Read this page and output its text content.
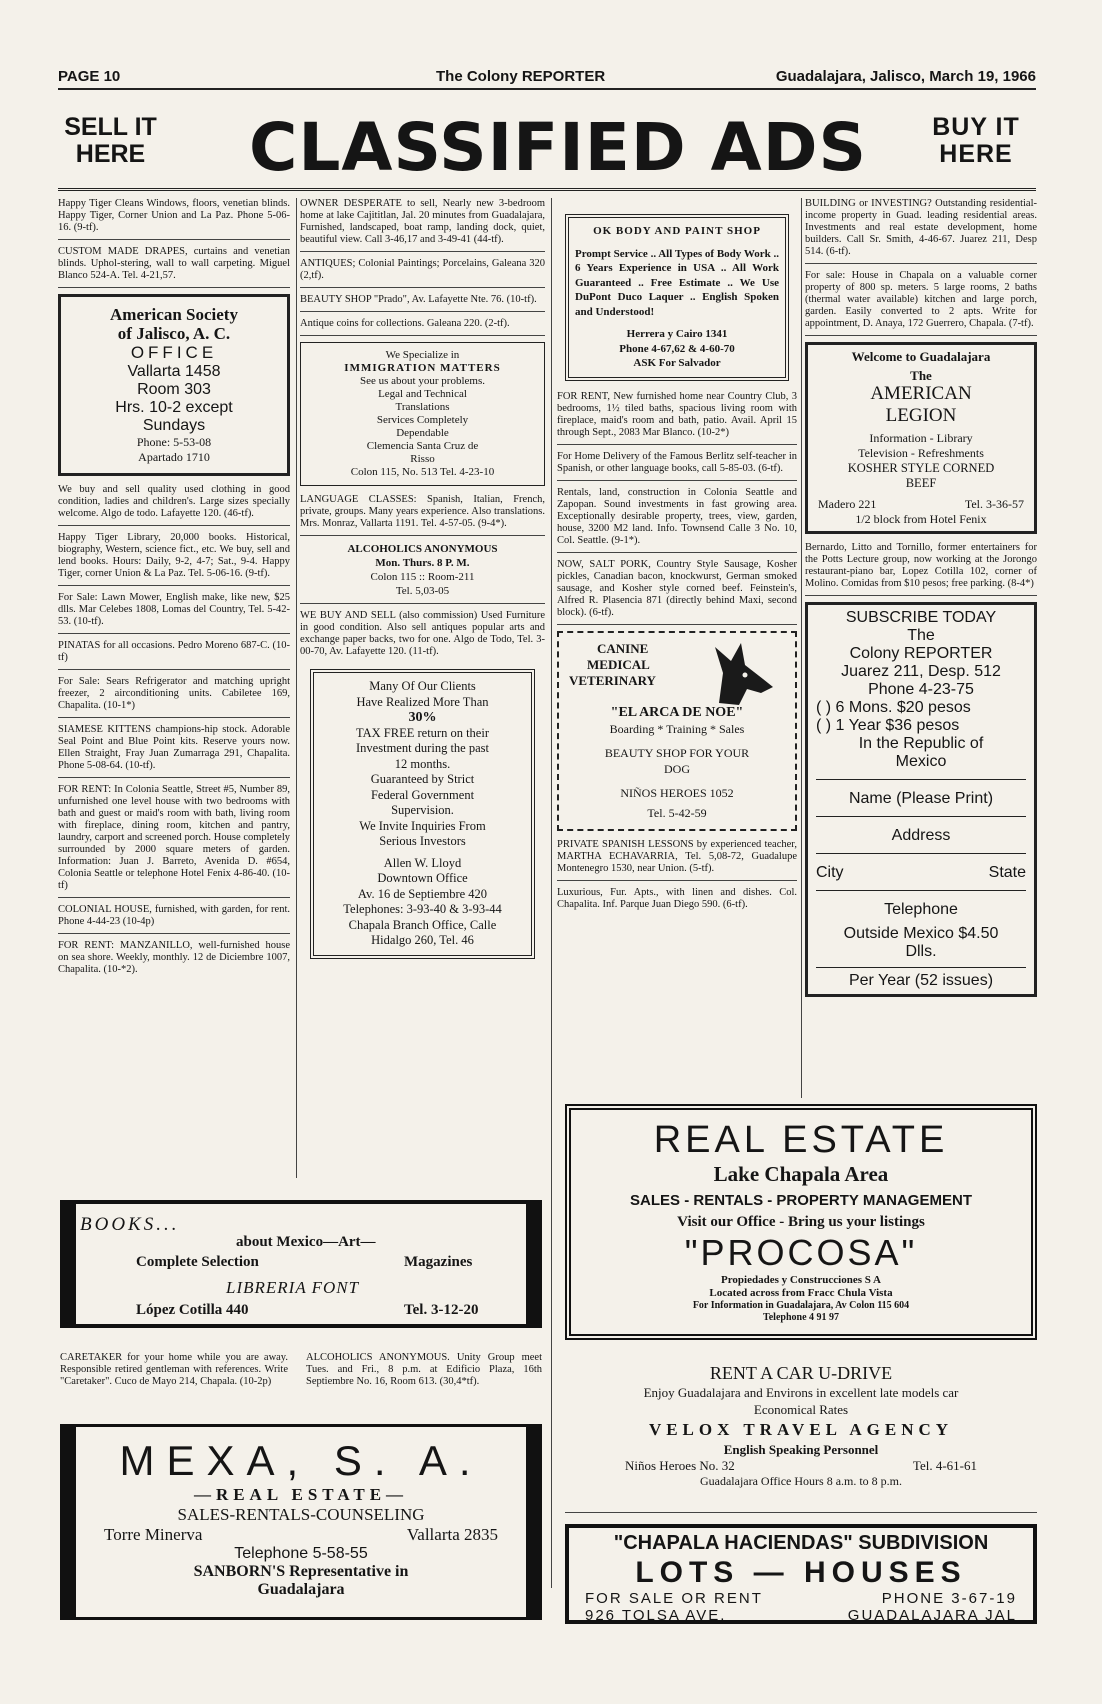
PAGE 10	The Colony REPORTER	Guadalajara, Jalisco, March 19, 1966
SELL IT
HERE CLASSIFIED ADS	BUY IT
HERE

Happy Tiger Cleans Windows, floors, venetian blinds. Happy Tiger, Corner Union and La Paz. Phone 5-06-16. (9-tf).

CUSTOM MADE DRAPES, curtains and venetian blinds. Uphol-stering, wall to wall carpeting. Miguel Blanco 524-A. Tel. 4-21,57.

American Society
of Jalisco, A. C.
OFFICE
Vallarta 1458
Room 303
Hrs. 10-2 except
Sundays
Phone: 5-53-08
Apartado 1710

We buy and sell quality used clothing in good condition, ladies and children's. Large sizes specially welcome. Algo de todo. Lafayette 120. (46-tf).

Happy Tiger Library, 20,000 books. Historical, biography, Western, science fict., etc. We buy, sell and lend books. Hours: Daily, 9-2, 4-7; Sat., 9-4. Happy Tiger, corner Union & La Paz. Tel. 5-06-16. (9-tf).

For Sale: Lawn Mower, English make, like new, $25 dlls. Mar Celebes 1808, Lomas del Country, Tel. 5-42-53. (10-tf).

PINATAS for all occasions. Pedro Moreno 687-C. (10-tf)

For Sale: Sears Refrigerator and matching upright freezer, 2 airconditioning units. Cabiletee 169, Chapalita. (10-1*)

SIAMESE KITTENS champions-hip stock. Adorable Seal Point and Blue Point kits. Reserve yours now. Ellen Straight, Fray Juan Zumarraga 291, Chapalita. Phone 5-08-64. (10-tf).

FOR RENT: In Colonia Seattle, Street #5, Number 89, unfurnished one level house with two bedrooms with bath and guest or maid's room with bath, living room with fireplace, dining room, kitchen and pantry, laundry, carport and screened porch. House completely surrounded by 2000 square meters of garden. Information: Juan J. Barreto, Avenida D. #654, Colonia Seattle or telephone Hotel Fenix 4-86-40. (10-tf)

COLONIAL HOUSE, furnished, with garden, for rent. Phone 4-44-23 (10-4p)

FOR RENT: MANZANILLO, well-furnished house on sea shore. Weekly, monthly. 12 de Diciembre 1007, Chapalita. (10-*2).

OWNER DESPERATE to sell, Nearly new 3-bedroom home at lake Cajititlan, Jal. 20 minutes from Guadalajara, Furnished, landscaped, boat ramp, landing dock, quiet, beautiful view. Call 3-46,17 and 3-49-41 (44-tf).

ANTIQUES; Colonial Paintings; Porcelains, Galeana 320 (2,tf).

BEAUTY SHOP "Prado", Av. Lafayette Nte. 76. (10-tf).

Antique coins for collections. Galeana 220. (2-tf).

We Specialize in
IMMIGRATION MATTERS
See us about your problems.
Legal and Technical
Translations
Services Completely
Dependable
Clemencia Santa Cruz de
Risso
Colon 115, No. 513 Tel. 4-23-10

LANGUAGE CLASSES: Spanish, Italian, French, private, groups. Many years experience. Also translations. Mrs. Monraz, Vallarta 1191. Tel. 4-57-05. (9-4*).

ALCOHOLICS ANONYMOUS
Mon. Thurs. 8 P. M.
Colon 115 :: Room-211
Tel. 5,03-05

WE BUY AND SELL (also commission) Used Furniture in good condition. Also sell antiques popular arts and exchange paper backs, two for one. Algo de Todo, Tel. 3-00-70, Av. Lafayette 120. (11-tf).

Many Of Our Clients
Have Realized More Than
30%
TAX FREE return on their
Investment during the past
12 months.
Guaranteed by Strict
Federal Government
Supervision.
We Invite Inquiries From
Serious Investors
Allen W. Lloyd
Downtown Office
Av. 16 de Septiembre 420
Telephones: 3-93-40 & 3-93-44
Chapala Branch Office, Calle
Hidalgo 260, Tel. 46
OK BODY AND PAINT SHOP
Prompt Service .. All Types of Body Work .. 6 Years Experience in USA .. All Work Guaranteed .. Free Estimate .. We Use DuPont Duco Laquer .. English Spoken and Understood!
Herrera y Cairo 1341
Phone 4-67,62 & 4-60-70
ASK For Salvador

FOR RENT, New furnished home near Country Club, 3 bedrooms, 1½ tiled baths, spacious living room with fireplace, maid's room and bath, patio. Avail. April 15 through Sept., 2083 Mar Blanco. (10-2*)

For Home Delivery of the Famous Berlitz self-teacher in Spanish, or other language books, call 5-85-03. (6-tf).

Rentals, land, construction in Colonia Seattle and Zapopan. Sound investments in fast growing area. Exceptionally desirable property, trees, view, garden, house, 3200 M2 land. Info. Townsend Calle 3 No. 10, Col. Seattle. (9-1*).

NOW, SALT PORK, Country Style Sausage, Kosher pickles, Canadian bacon, knockwurst, German smoked sausage, and Kosher style corned beef. Feinstein's, Alfred R. Plasencia 871 (directly behind Maxi, second block). (6-tf).

CANINE
MEDICAL
VETERINARY
"EL ARCA DE NOE"
Boarding * Training * Sales
BEAUTY SHOP FOR YOUR
DOG
NIÑOS HEROES 1052
Tel. 5-42-59

PRIVATE SPANISH LESSONS by experienced teacher, MARTHA ECHAVARRIA, Tel. 5,08-72, Guadalupe Montenegro 1530, near Union. (5-tf).

Luxurious, Fur. Apts., with linen and dishes. Col. Chapalita. Inf. Parque Juan Diego 590. (6-tf).

BUILDING or INVESTING? Outstanding residential-income property in Guad. leading residential areas. Investments and real estate development, home builders. Call Sr. Smith, 4-46-67. Juarez 211, Desp 514. (6-tf).

For sale: House in Chapala on a valuable corner property of 800 sp. meters. 5 large rooms, 2 baths (thermal water available) kitchen and large porch, garden. Easily converted to 2 apts. Write for appointment, D. Anaya, 172 Guerrero, Chapala. (7-tf).

Welcome to Guadalajara
The
AMERICAN
LEGION
Information - Library
Television - Refreshments
KOSHER STYLE CORNED
BEEF
Madero 221	Tel. 3-36-57
1/2 block from Hotel Fenix

Bernardo, Litto and Tornillo, former entertainers for the Potts Lecture group, now working at the Jorongo restaurant-piano bar, Lopez Cotilla 102, corner of Molino. Comidas from $10 pesos; free parking. (8-4*)

SUBSCRIBE TODAY
The
Colony REPORTER
Juarez 211, Desp. 512
Phone 4-23-75
( ) 6 Mons. $20 pesos
( ) 1 Year $36 pesos
In the Republic of
Mexico
Name (Please Print)
Address
City	State
Telephone
Outside Mexico $4.50
Dlls.
Per Year (52 issues)
BOOKS...
about Mexico—Art—
Complete Selection	Magazines
LIBRERIA FONT
López Cotilla 440	Tel. 3-12-20

CARETAKER for your home while you are away. Responsible retired gentleman with references. Write "Caretaker". Cuco de Mayo 214, Chapala. (10-2p)

ALCOHOLICS ANONYMOUS. Unity Group meet Tues. and Fri., 8 p.m. at Edificio Plaza, 16th Septiembre No. 16, Room 613. (30,4*tf).

MEXA, S. A.
—REAL ESTATE—
SALES-RENTALS-COUNSELING
Torre Minerva	Vallarta 2835
Telephone 5-58-55
SANBORN'S Representative in
Guadalajara
REAL ESTATE
Lake Chapala Area
SALES - RENTALS - PROPERTY MANAGEMENT
Visit our Office - Bring us your listings
"PROCOSA"
Propiedades y Construcciones S A
Located across from Fracc Chula Vista
For Information in Guadalajara, Av Colon 115 604
Telephone 4 91 97
RENT A CAR U-DRIVE
Enjoy Guadalajara and Environs in excellent late models car
Economical Rates
VELOX TRAVEL AGENCY
English Speaking Personnel
Niños Heroes No. 32	Tel. 4-61-61
Guadalajara Office Hours 8 a.m. to 8 p.m.
"CHAPALA HACIENDAS" SUBDIVISION
LOTS — HOUSES
FOR SALE OR RENT	PHONE 3-67-19
926 TOLSA AVE.	GUADALAJARA JAL
